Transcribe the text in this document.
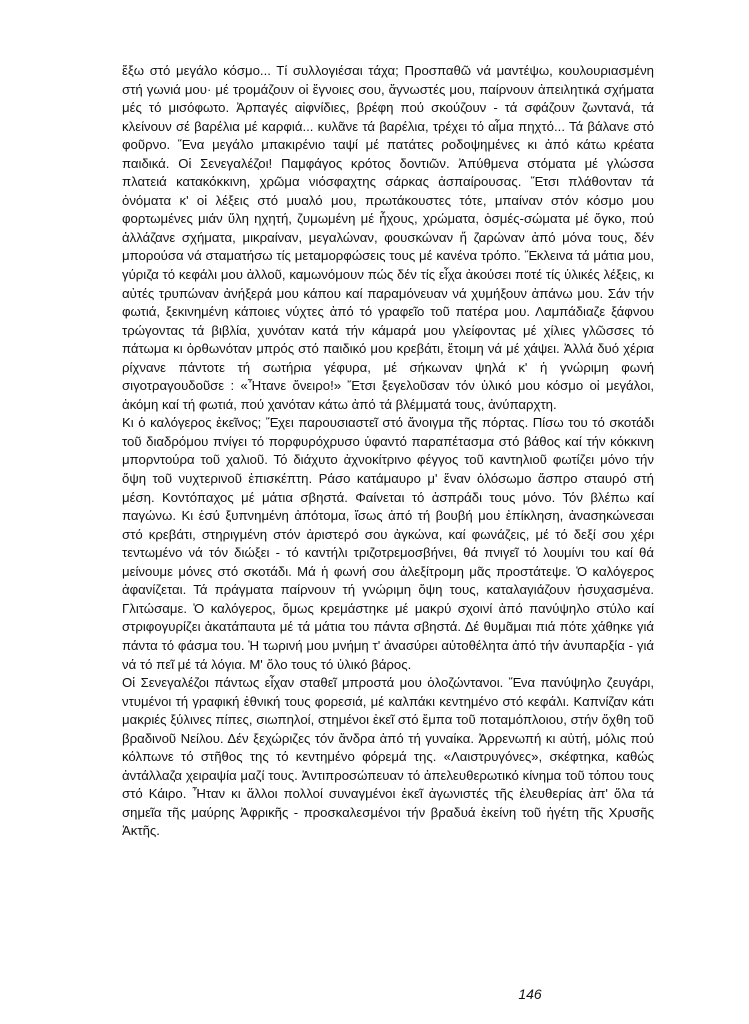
ἔξω στό μεγάλο κόσμο... Τί συλλογιέσαι τάχα; Προσπαθῶ νά μαντέψω, κουλουριασμένη στή γωνιά μου· μέ τρομάζουν οἱ ἔγνοιες σου, ἄγνωστές μου, παίρνουν ἀπειλητικά σχήματα μές τό μισόφωτο. Ἀρπαγές αἰφνίδιες, βρέφη πού σκούζουν - τά σφάζουν ζωντανά, τά κλείνουν σέ βαρέλια μέ καρφιά... κυλᾶνε τά βαρέλια, τρέχει τό αἷμα πηχτό... Τά βάλανε στό φοῦρνο. Ἕνα μεγάλο μπακιρένιο ταψί μέ πατάτες ροδοψημένες κι ἀπό κάτω κρέατα παιδικά. Οἱ Σενεγαλέζοι! Παμφάγος κρότος δοντιῶν. Ἀπύθμενα στόματα μέ γλώσσα πλατειά κατακόκκινη, χρῶμα νιόσφαχτης σάρκας ἀσπαίρουσας. Ἔτσι πλάθονταν τά ὀνόματα κ' οἱ λέξεις στό μυαλό μου, πρωτάκουστες τότε, μπαίναν στόν κόσμο μου φορτωμένες μιάν ὕλη ηχητή, ζυμωμένη μέ ἦχους, χρώματα, ὀσμές-σώματα μέ ὄγκο, πού ἀλλάζανε σχήματα, μικραίναν, μεγαλώναν, φουσκώναν ἤ ζαρώναν ἀπό μόνα τους, δέν μπορούσα νά σταματήσω τίς μεταμορφώσεις τους μέ κανένα τρόπο. Ἔκλεινα τά μάτια μου, γύριζα τό κεφάλι μου ἀλλοῦ, καμωνόμουν πώς δέν τίς εἶχα ἀκούσει ποτέ τίς ὑλικές λέξεις, κι αὐτές τρυπώναν ἀνήξερά μου κάπου καί παραμόνευαν νά χυμήξουν ἀπάνω μου. Σάν τήν φωτιά, ξεκινημένη κάποιες νύχτες ἀπό τό γραφεῖο τοῦ πατέρα μου. Λαμπάδιαζε ξάφνου τρώγοντας τά βιβλία, χυνόταν κατά τήν κάμαρά μου γλείφοντας μέ χίλιες γλῶσσες τό πάτωμα κι ὀρθωνόταν μπρός στό παιδικό μου κρεβάτι, ἕτοιμη νά μέ χάψει. Ἀλλά δυό χέρια ρίχνανε πάντοτε τή σωτήρια γέφυρα, μέ σήκωναν ψηλά κ' ἡ γνώριμη φωνή σιγοτραγουδοῦσε : «Ἦτανε ὄνειρο!» Ἔτσι ξεγελοῦσαν τόν ὑλικό μου κόσμο οἱ μεγάλοι, ἀκόμη καί τή φωτιά, πού χανόταν κάτω ἀπό τά βλέμματά τους, ἀνύπαρχτη.

Κι ὁ καλόγερος ἐκεῖνος; Ἔχει παρουσιαστεῖ στό ἄνοιγμα τῆς πόρτας. Πίσω του τό σκοτάδι τοῦ διαδρόμου πνίγει τό πορφυρόχρυσο ὑφαντό παραπέτασμα στό βάθος καί τήν κόκκινη μπορντούρα τοῦ χαλιοῦ. Τό διάχυτο ἀχνοκίτρινο φέγγος τοῦ καντηλιοῦ φωτίζει μόνο τήν ὄψη τοῦ νυχτερινοῦ ἐπισκέπτη. Ράσο κατάμαυρο μ' ἕναν ὁλόσωμο ἄσπρο σταυρό στή μέση. Κοντόπαχος μέ μάτια σβηστά. Φαίνεται τό ἀσπράδι τους μόνο. Τόν βλέπω καί παγώνω. Κι ἐσύ ξυπνημένη ἀπότομα, ἴσως ἀπό τή βουβή μου ἐπίκληση, ἀνασηκώνεσαι στό κρεβάτι, στηριγμένη στόν ἀριστερό σου ἀγκώνα, καί φωνάζεις, μέ τό δεξί σου χέρι τεντωμένο νά τόν διώξει - τό καντήλι τριζοτρεμοσβήνει, θά πνιγεῖ τό λουμίνι του καί θά μείνουμε μόνες στό σκοτάδι. Μά ἡ φωνή σου ἀλεξίτρομη μᾶς προστάτεψε. Ὁ καλόγερος ἀφανίζεται. Τά πράγματα παίρνουν τή γνώριμη ὄψη τους, καταλαγιάζουν ἡσυχασμένα. Γλιτώσαμε. Ὁ καλόγερος, ὅμως κρεμάστηκε μέ μακρύ σχοινί ἀπό πανύψηλο στύλο καί στριφογυρίζει ἀκατάπαυτα μέ τά μάτια του πάντα σβηστά. Δέ θυμᾶμαι πιά πότε χάθηκε γιά πάντα τό φάσμα του. Ἡ τωρινή μου μνήμη τ' ἀνασύρει αὐτοθέλητα ἀπό τήν ἀνυπαρξία - γιά νά τό πεῖ μέ τά λόγια. Μ' ὅλο τους τό ὑλικό βάρος.

Οἱ Σενεγαλέζοι πάντως εἶχαν σταθεῖ μπροστά μου ὁλοζώντανοι. Ἕνα πανύψηλο ζευγάρι, ντυμένοι τή γραφική ἐθνική τους φορεσιά, μέ καλπάκι κεντημένο στό κεφάλι. Καπνίζαν κάτι μακριές ξύλινες πίπες, σιωπηλοί, στημένοι ἐκεῖ στό ἔμπα τοῦ ποταμόπλοιου, στήν ὄχθη τοῦ βραδινοῦ Νείλου. Δέν ξεχώριζες τόν ἄνδρα ἀπό τή γυναίκα. Ἀρρενωπή κι αὐτή, μόλις πού κόλπωνε τό στῆθος της τό κεντημένο φόρεμά της. «Λαιστρυγόνες», σκέφτηκα, καθώς ἀντάλλαζα χειραψία μαζί τους. Ἀντιπροσώπευαν τό ἀπελευθερωτικό κίνημα τοῦ τόπου τους στό Κάιρο. Ἦταν κι ἄλλοι πολλοί συναγμένοι ἐκεῖ ἀγωνιστές τῆς ἐλευθερίας ἀπ' ὅλα τά σημεῖα τῆς μαύρης Ἀφρικῆς - προσκαλεσμένοι τήν βραδυά ἐκείνη τοῦ ἡγέτη τῆς Χρυσῆς Ἀκτῆς.

146
